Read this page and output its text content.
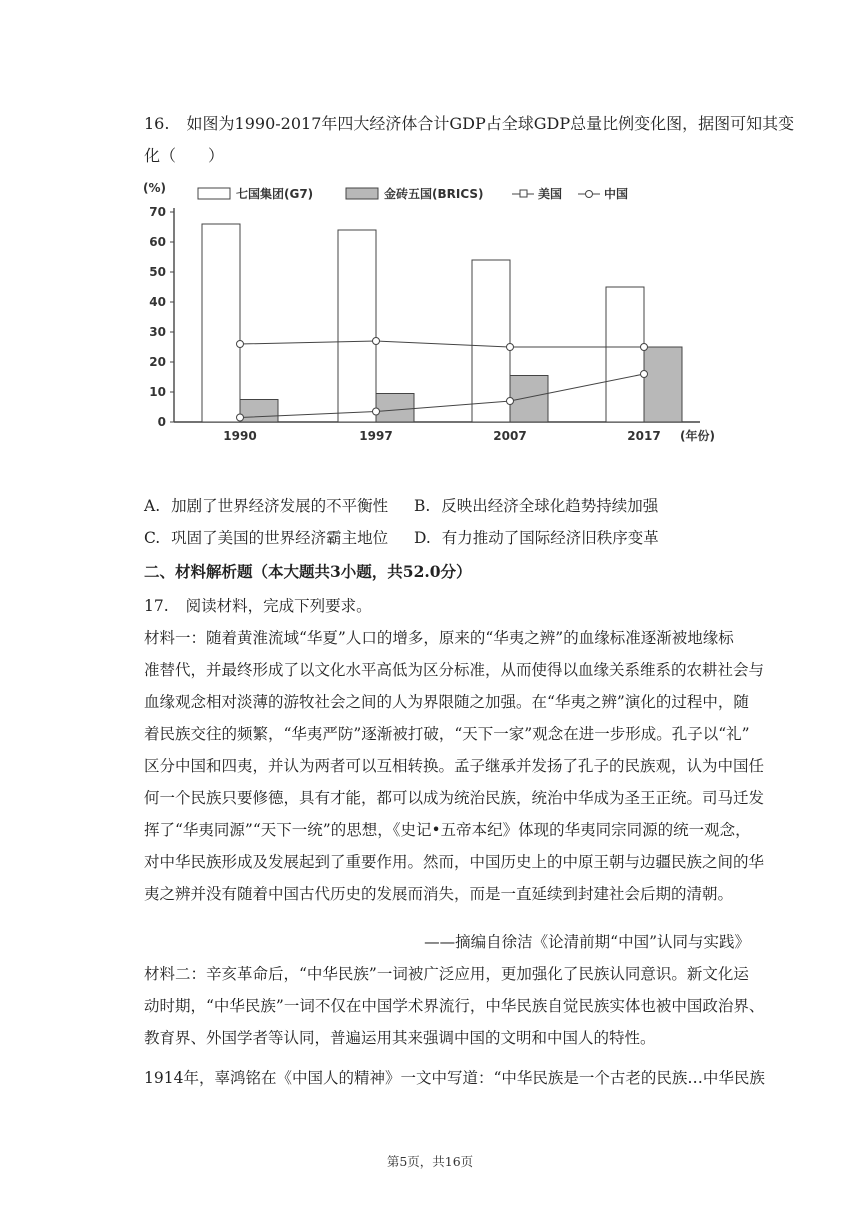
16. 如图为1990-2017年四大经济体合计GDP占全球GDP总量比例变化图，据图可知其变
化（　　）
七国集团(G7)	金砖五国(BRICS)	美国	中国
(%)
0
10
20
30
40
50
60
70
1990	1997	2007	2017 (年份)
A. 加剧了世界经济发展的不平衡性 B. 反映出经济全球化趋势持续加强
C. 巩固了美国的世界经济霸主地位 D. 有力推动了国际经济旧秩序变革
二、材料解析题（本大题共3小题，共52.0分）
17. 阅读材料，完成下列要求。
材料一：随着黄淮流域“华夏”人口的增多，原来的“华夷之辨”的血缘标准逐渐被地缘标
准替代，并最终形成了以文化水平高低为区分标准，从而使得以血缘关系维系的农耕社会与
血缘观念相对淡薄的游牧社会之间的人为界限随之加强。在“华夷之辨”演化的过程中，随
着民族交往的频繁，“华夷严防”逐渐被打破，“天下一家”观念在进一步形成。孔子以“礼”
区分中国和四夷，并认为两者可以互相转换。孟子继承并发扬了孔子的民族观，认为中国任
何一个民族只要修德，具有才能，都可以成为统治民族，统治中华成为圣王正统。司马迁发
挥了“华夷同源”“天下一统”的思想，《史记•五帝本纪》体现的华夷同宗同源的统一观念，
对中华民族形成及发展起到了重要作用。然而，中国历史上的中原王朝与边疆民族之间的华
夷之辨并没有随着中国古代历史的发展而消失，而是一直延续到封建社会后期的清朝。
——摘编自徐洁《论清前期“中国”认同与实践》
材料二：辛亥革命后，“中华民族”一词被广泛应用，更加强化了民族认同意识。新文化运
动时期，“中华民族”一词不仅在中国学术界流行，中华民族自觉民族实体也被中国政治界、
教育界、外国学者等认同，普遍运用其来强调中国的文明和中国人的特性。
1914年，辜鸿铭在《中国人的精神》一文中写道：“中华民族是一个古老的民族…中华民族
第5页，共16页
